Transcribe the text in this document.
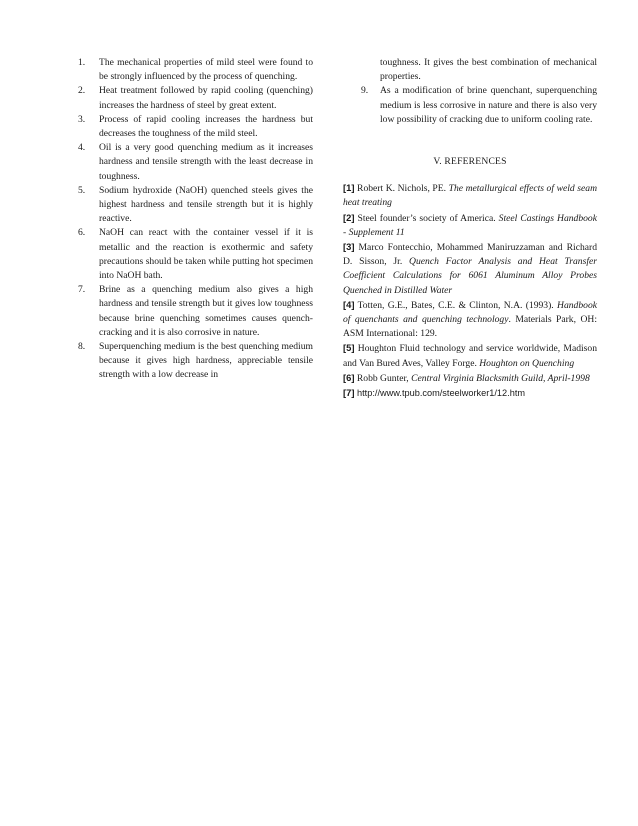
1. The mechanical properties of mild steel were found to be strongly influenced by the process of quenching.
2. Heat treatment followed by rapid cooling (quenching) increases the hardness of steel by great extent.
3. Process of rapid cooling increases the hardness but decreases the toughness of the mild steel.
4. Oil is a very good quenching medium as it increases hardness and tensile strength with the least decrease in toughness.
5. Sodium hydroxide (NaOH) quenched steels gives the highest hardness and tensile strength but it is highly reactive.
6. NaOH can react with the container vessel if it is metallic and the reaction is exothermic and safety precautions should be taken while putting hot specimen into NaOH bath.
7. Brine as a quenching medium also gives a high hardness and tensile strength but it gives low toughness because brine quenching sometimes causes quench-cracking and it is also corrosive in nature.
8. Superquenching medium is the best quenching medium because it gives high hardness, appreciable tensile strength with a low decrease in
toughness. It gives the best combination of mechanical properties.
9. As a modification of brine quenchant, superquenching medium is less corrosive in nature and there is also very low possibility of cracking due to uniform cooling rate.
V. REFERENCES

[1] Robert K. Nichols, PE. The metallurgical effects of weld seam heat treating

[2] Steel founder’s society of America. Steel Castings Handbook - Supplement 11

[3] Marco Fontecchio, Mohammed Maniruzzaman and Richard D. Sisson, Jr. Quench Factor Analysis and Heat Transfer Coefficient Calculations for 6061 Aluminum Alloy Probes Quenched in Distilled Water

[4] Totten, G.E., Bates, C.E. & Clinton, N.A. (1993). Handbook of quenchants and quenching technology. Materials Park, OH: ASM International: 129.

[5] Houghton Fluid technology and service worldwide, Madison and Van Bured Aves, Valley Forge. Houghton on Quenching

[6] Robb Gunter, Central Virginia Blacksmith Guild, April-1998

[7] http://www.tpub.com/steelworker1/12.htm
